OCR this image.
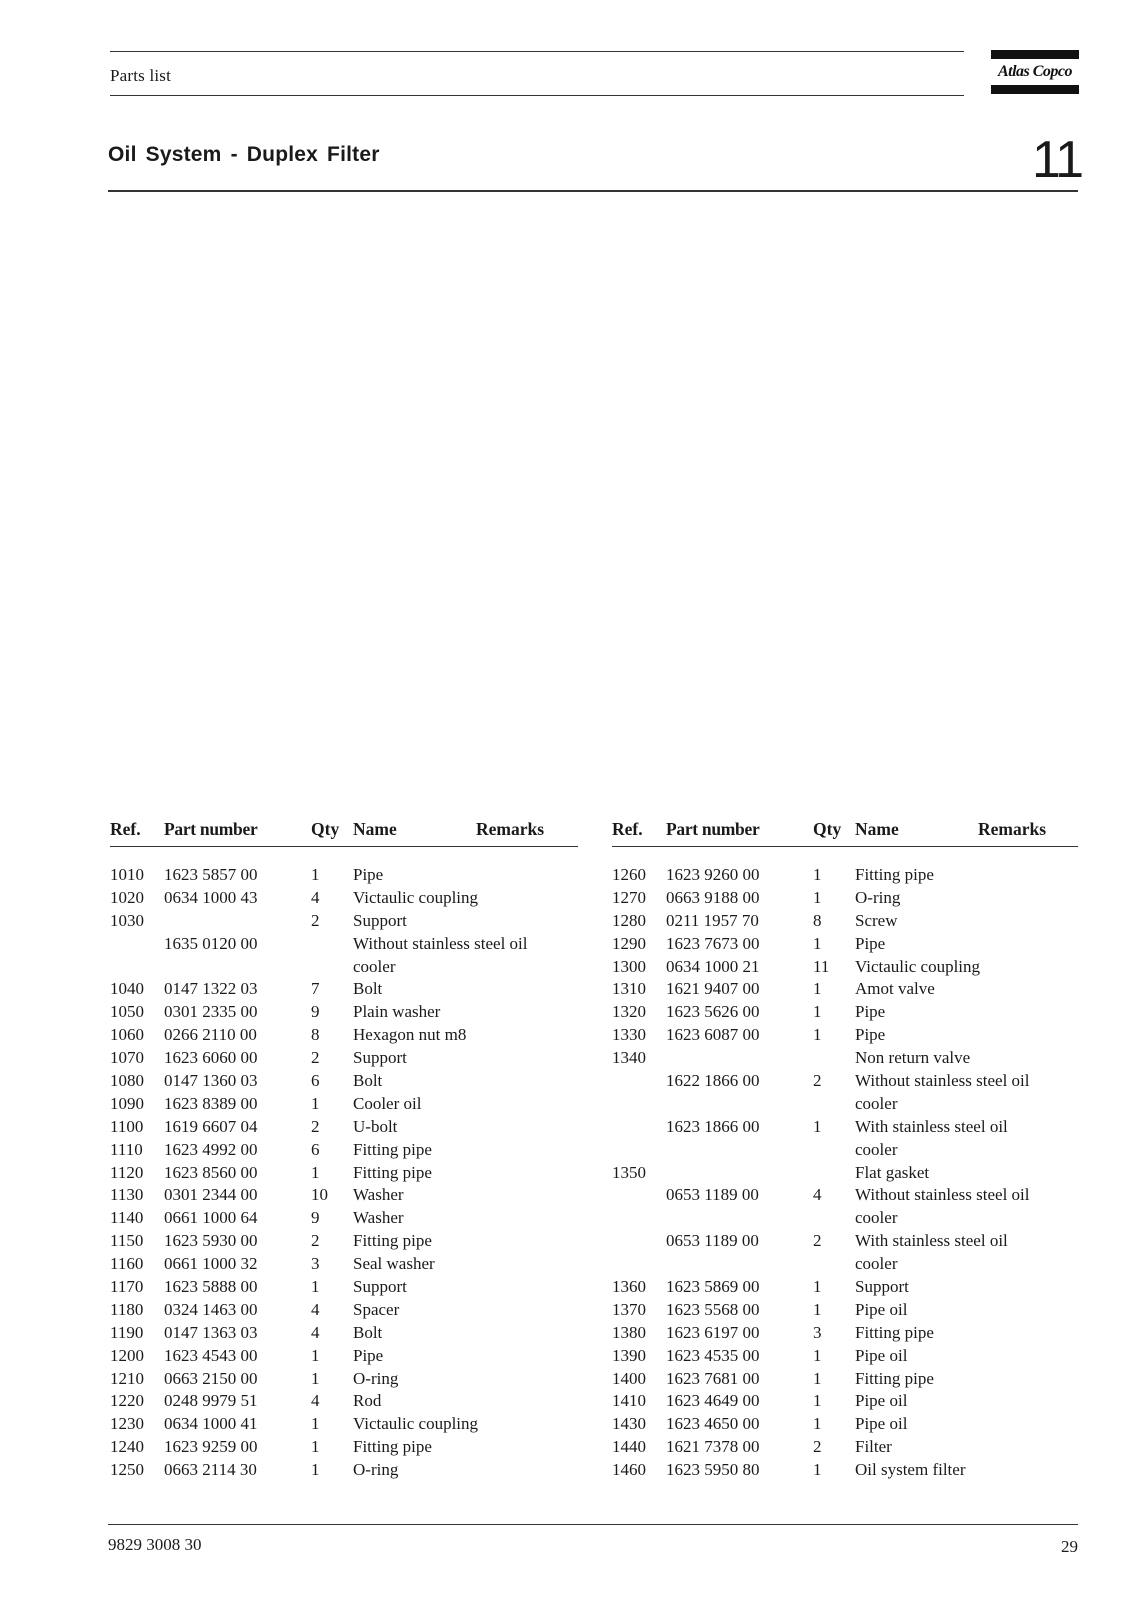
Parts list	Atlas Copco
Oil System - Duplex Filter	11
Ref. Part number	Qty Name	Remarks
1010 1623 5857 00	1 Pipe
1020 0634 1000 43	4 Victaulic coupling
1030	2 Support
1635 0120 00	Without stainless steel oil
cooler
1040 0147 1322 03	7 Bolt
1050 0301 2335 00	9 Plain washer
1060 0266 2110 00	8 Hexagon nut m8
1070 1623 6060 00	2 Support
1080 0147 1360 03	6 Bolt
1090 1623 8389 00	1 Cooler oil
1100 1619 6607 04	2 U-bolt
1110 1623 4992 00	6 Fitting pipe
1120 1623 8560 00	1 Fitting pipe
1130 0301 2344 00	10 Washer
1140 0661 1000 64	9 Washer
1150 1623 5930 00	2 Fitting pipe
1160 0661 1000 32	3 Seal washer
1170 1623 5888 00	1 Support
1180 0324 1463 00	4 Spacer
1190 0147 1363 03	4 Bolt
1200 1623 4543 00	1 Pipe
1210 0663 2150 00	1 O-ring
1220 0248 9979 51	4 Rod
1230 0634 1000 41	1 Victaulic coupling
1240 1623 9259 00	1 Fitting pipe
1250 0663 2114 30	1 O-ring
Ref. Part number	Qty Name	Remarks
1260 1623 9260 00	1 Fitting pipe
1270 0663 9188 00	1 O-ring
1280 0211 1957 70	8 Screw
1290 1623 7673 00	1 Pipe
1300 0634 1000 21	11 Victaulic coupling
1310 1621 9407 00	1 Amot valve
1320 1623 5626 00	1 Pipe
1330 1623 6087 00	1 Pipe
1340	Non return valve
1622 1866 00	2 Without stainless steel oil
cooler
1623 1866 00	1 With stainless steel oil
cooler
1350	Flat gasket
0653 1189 00	4 Without stainless steel oil
cooler
0653 1189 00	2 With stainless steel oil
cooler
1360 1623 5869 00	1 Support
1370 1623 5568 00	1 Pipe oil
1380 1623 6197 00	3 Fitting pipe
1390 1623 4535 00	1 Pipe oil
1400 1623 7681 00	1 Fitting pipe
1410 1623 4649 00	1 Pipe oil
1430 1623 4650 00	1 Pipe oil
1440 1621 7378 00	2 Filter
1460 1623 5950 80	1 Oil system filter
9829 3008 30	29
